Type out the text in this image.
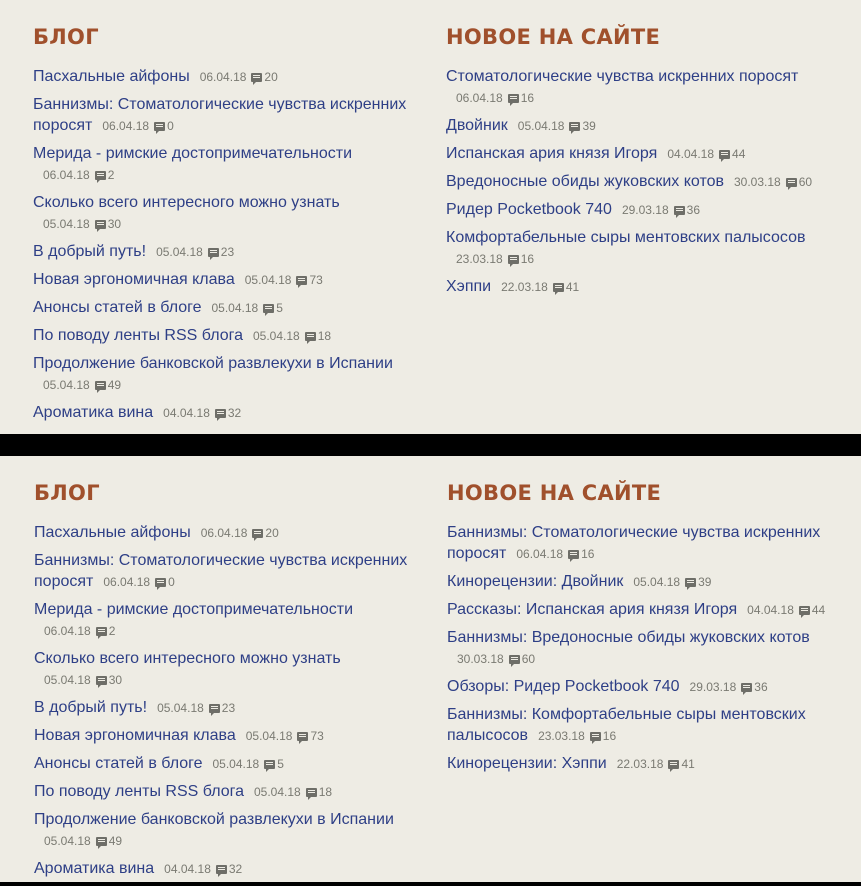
БЛОГ
Пасхальные айфоны 06.04.18 20
Баннизмы: Стоматологические чувства искренних поросят 06.04.18 0
Мерида - римские достопримечательности06.04.18 2
Сколько всего интересного можно узнать05.04.18 30
В добрый путь! 05.04.18 23
Новая эргономичная клава 05.04.18 73
Анонсы статей в блоге 05.04.18 5
По поводу ленты RSS блога 05.04.18 18
Продолжение банковской развлекухи в Испании05.04.18 49
Ароматика вина 04.04.18 32
НОВОЕ НА САЙТЕ
Стоматологические чувства искренних поросят06.04.18 16
Двойник 05.04.18 39
Испанская ария князя Игоря 04.04.18 44
Вредоносные обиды жуковских котов 30.03.18 60
Ридер Pocketbook 740 29.03.18 36
Комфортабельные сыры ментовских палысосов23.03.18 16
Хэппи 22.03.18 41
БЛОГ
Пасхальные айфоны 06.04.18 20
Баннизмы: Стоматологические чувства искренних поросят 06.04.18 0
Мерида - римские достопримечательности06.04.18 2
Сколько всего интересного можно узнать05.04.18 30
В добрый путь! 05.04.18 23
Новая эргономичная клава 05.04.18 73
Анонсы статей в блоге 05.04.18 5
По поводу ленты RSS блога 05.04.18 18
Продолжение банковской развлекухи в Испании05.04.18 49
Ароматика вина 04.04.18 32
НОВОЕ НА САЙТЕ
Баннизмы: Стоматологические чувства искренних поросят 06.04.18 16
Кинорецензии: Двойник 05.04.18 39
Рассказы: Испанская ария князя Игоря 04.04.18 44
Баннизмы: Вредоносные обиды жуковских котов30.03.18 60
Обзоры: Ридер Pocketbook 740 29.03.18 36
Баннизмы: Комфортабельные сыры ментовских палысосов 23.03.18 16
Кинорецензии: Хэппи 22.03.18 41
